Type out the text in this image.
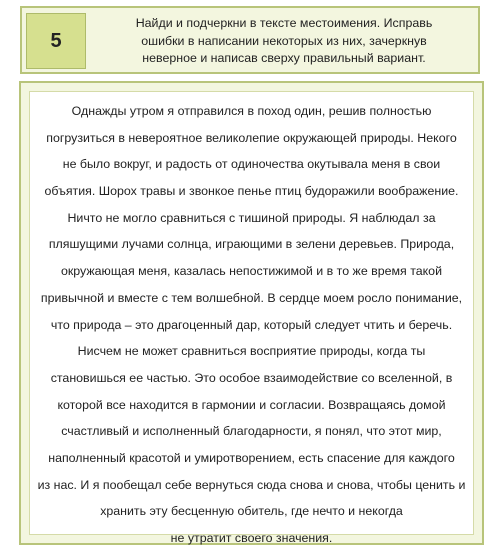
5
Найди и подчеркни в тексте местоимения. Исправь
ошибки в написании некоторых из них, зачеркнув
неверное и написав сверху правильный вариант.
Однажды утром я отправился в поход один, решив полностью
погрузиться в невероятное великолепие окружающей природы. Некого
не было вокруг, и радость от одиночества окутывала меня в свои
объятия. Шорох травы и звонкое пенье птиц будоражили воображение.
Ничто не могло сравниться с тишиной природы. Я наблюдал за
пляшущими лучами солнца, играющими в зелени деревьев. Природа,
окружающая меня, казалась непостижимой и в то же время такой
привычной и вместе с тем волшебной. В сердце моем росло понимание,
что природа – это драгоценный дар, который следует чтить и беречь.
Нисчем не может сравниться восприятие природы, когда ты
становишься ее частью. Это особое взаимодействие со вселенной, в
которой все находится в гармонии и согласии. Возвращаясь домой
счастливый и исполненный благодарности, я понял, что этот мир,
наполненный красотой и умиротворением, есть спасение для каждого
из нас. И я пообещал себе вернуться сюда снова и снова, чтобы ценить и
хранить эту бесценную обитель, где нечто и некогда
не утратит своего значения.
